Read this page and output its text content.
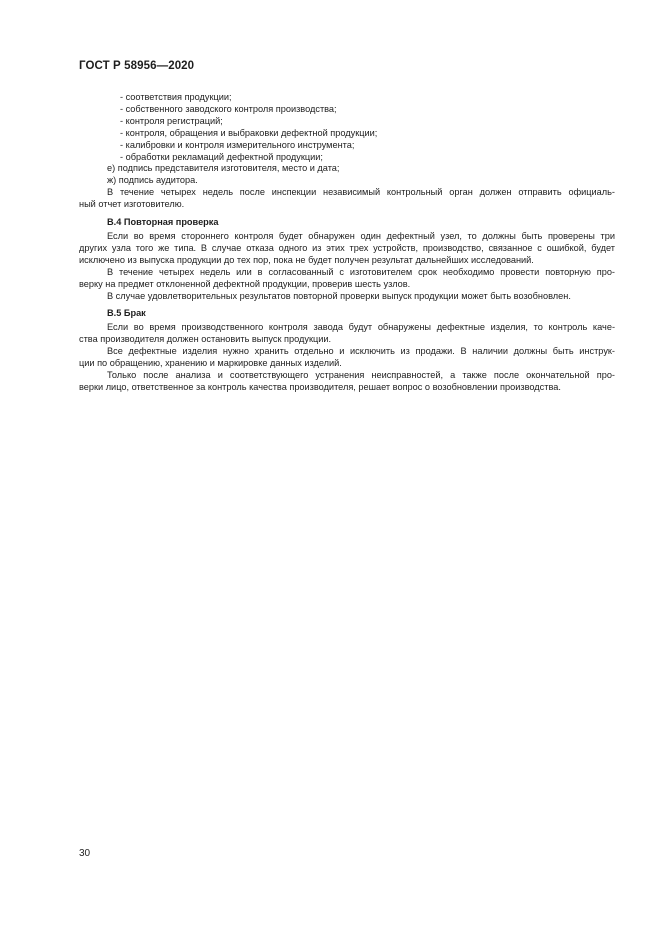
ГОСТ Р 58956—2020
- соответствия продукции;
- собственного заводского контроля производства;
- контроля регистраций;
- контроля, обращения и выбраковки дефектной продукции;
- калибровки и контроля измерительного инструмента;
- обработки рекламаций дефектной продукции;
е) подпись представителя изготовителя, место и дата;
ж) подпись аудитора.
В течение четырех недель после инспекции независимый контрольный орган должен отправить официаль-
ный отчет изготовителю.
В.4 Повторная проверка
Если во время стороннего контроля будет обнаружен один дефектный узел, то должны быть проверены три
других узла того же типа. В случае отказа одного из этих трех устройств, производство, связанное с ошибкой, будет
исключено из выпуска продукции до тех пор, пока не будет получен результат дальнейших исследований.
В течение четырех недель или в согласованный с изготовителем срок необходимо провести повторную про-
верку на предмет отклоненной дефектной продукции, проверив шесть узлов.
В случае удовлетворительных результатов повторной проверки выпуск продукции может быть возобновлен.
В.5 Брак
Если во время производственного контроля завода будут обнаружены дефектные изделия, то контроль каче-
ства производителя должен остановить выпуск продукции.
Все дефектные изделия нужно хранить отдельно и исключить из продажи. В наличии должны быть инструк-
ции по обращению, хранению и маркировке данных изделий.
Только после анализа и соответствующего устранения неисправностей, а также после окончательной про-
верки лицо, ответственное за контроль качества производителя, решает вопрос о возобновлении производства.
30
